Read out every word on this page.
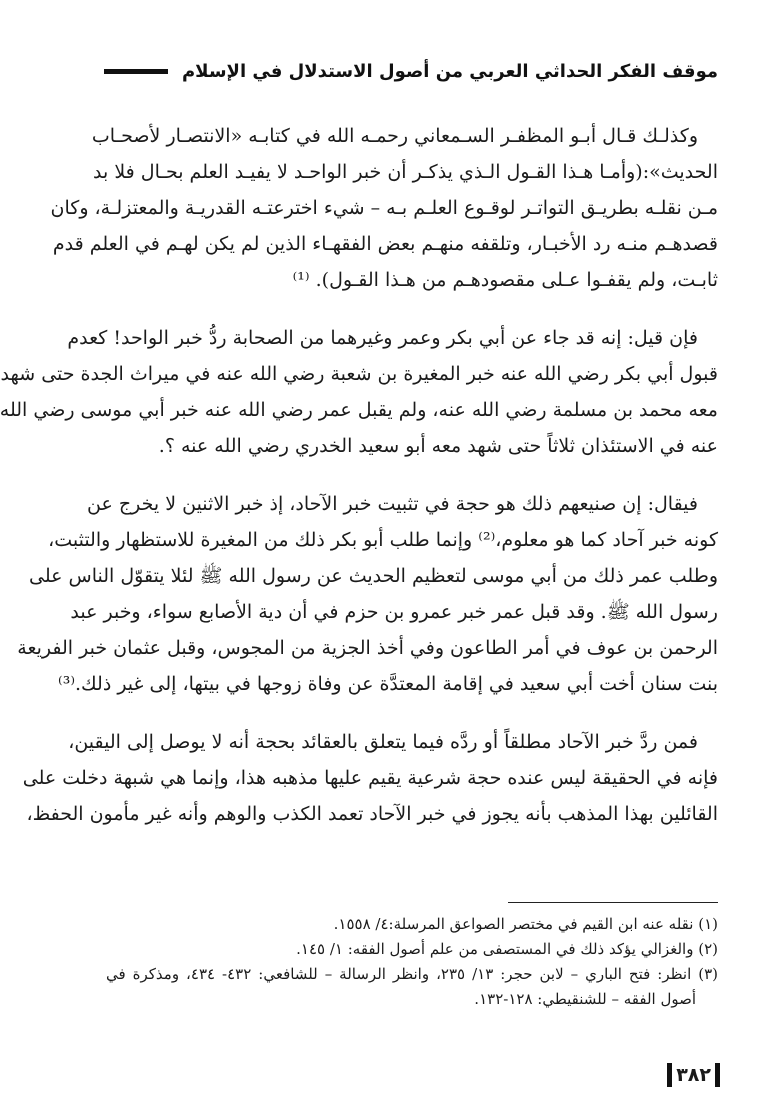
موقف الفكر الحداثي العربي من أصول الاستدلال في الإسلام
وكذلـك قـال أبـو المظفـر السـمعاني رحمـه الله في كتابـه «الانتصـار لأصحـاب
الحديث»:(وأمـا هـذا القـول الـذي يذكـر أن خبر الواحـد لا يفيـد العلم بحـال فلا بد
مـن نقلـه بطريـق التواتـر لوقـوع العلـم بـه – شيء اخترعتـه القدريـة والمعتزلـة، وكان
قصدهـم منـه رد الأخبـار، وتلقفه منهـم بعض الفقهـاء الذين لم يكن لهـم في العلم قدم
ثابـت، ولم يقفـوا عـلى مقصودهـم من هـذا القـول). ⁽¹⁾
فإن قيل: إنه قد جاء عن أبي بكر وعمر وغيرهما من الصحابة ردُّ خبر الواحد! كعدم
قبول أبي بكر رضي الله عنه خبر المغيرة بن شعبة رضي الله عنه في ميراث الجدة حتى شهد
معه محمد بن مسلمة رضي الله عنه، ولم يقبل عمر رضي الله عنه خبر أبي موسى رضي الله
عنه في الاستئذان ثلاثاً حتى شهد معه أبو سعيد الخدري رضي الله عنه ؟.
فيقال: إن صنيعهم ذلك هو حجة في تثبيت خبر الآحاد، إذ خبر الاثنين لا يخرج عن
كونه خبر آحاد كما هو معلوم،⁽²⁾ وإنما طلب أبو بكر ذلك من المغيرة للاستظهار والتثبت،
وطلب عمر ذلك من أبي موسى لتعظيم الحديث عن رسول الله ﷺ لئلا يتقوّل الناس على
رسول الله ﷺ. وقد قبل عمر خبر عمرو بن حزم في أن دية الأصابع سواء، وخبر عبد
الرحمن بن عوف في أمر الطاعون وفي أخذ الجزية من المجوس، وقبل عثمان خبر الفريعة
بنت سنان أخت أبي سعيد في إقامة المعتدَّة عن وفاة زوجها في بيتها، إلى غير ذلك.⁽³⁾
فمن ردَّ خبر الآحاد مطلقاً أو ردَّه فيما يتعلق بالعقائد بحجة أنه لا يوصل إلى اليقين،
فإنه في الحقيقة ليس عنده حجة شرعية يقيم عليها مذهبه هذا، وإنما هي شبهة دخلت على
القائلين بهذا المذهب بأنه يجوز في خبر الآحاد تعمد الكذب والوهم وأنه غير مأمون الحفظ،
(١) نقله عنه ابن القيم في مختصر الصواعق المرسلة:٤/ ١٥٥٨.
(٢) والغزالي يؤكد ذلك في المستصفى من علم أصول الفقه: ١/ ١٤٥.
(٣) انظر: فتح الباري – لابن حجر: ١٣/ ٢٣٥، وانظر الرسالة – للشافعي: ٤٣٢- ٤٣٤، ومذكرة في
أصول الفقه – للشنقيطي: ١٢٨-١٣٢.
٣٨٢
